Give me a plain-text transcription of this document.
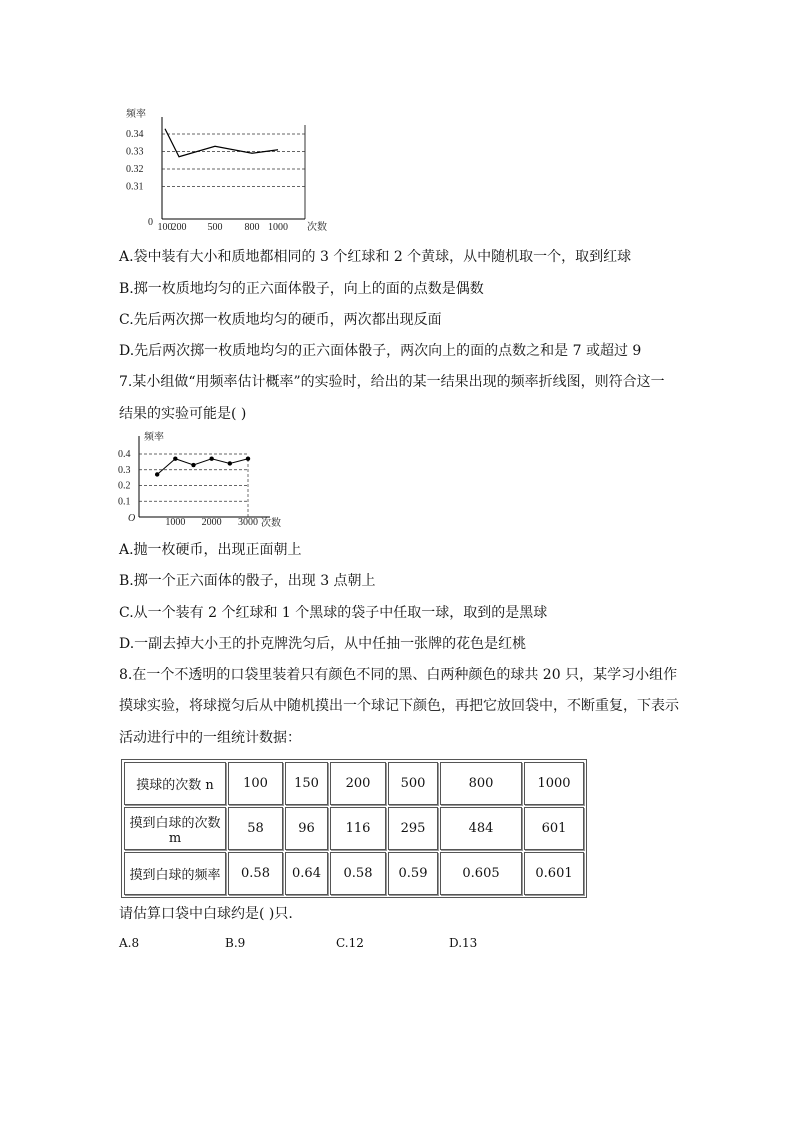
频率
次数
0
0.31
0.32
0.33
0.34
100 200 500 800 1000
A.袋中装有大小和质地都相同的 3 个红球和 2 个黄球，从中随机取一个，取到红球
B.掷一枚质地均匀的正六面体骰子，向上的面的点数是偶数
C.先后两次掷一枚质地均匀的硬币，两次都出现反面
D.先后两次掷一枚质地均匀的正六面体骰子，两次向上的面的点数之和是 7 或超过 9
7.某小组做“用频率估计概率”的实验时，给出的某一结果出现的频率折线图，则符合这一
结果的实验可能是( )
频率
次数
O
0.1
0.2
0.3
0.4
1000 2000 3000
A.抛一枚硬币，出现正面朝上
B.掷一个正六面体的骰子，出现 3 点朝上
C.从一个装有 2 个红球和 1 个黑球的袋子中任取一球，取到的是黑球
D.一副去掉大小王的扑克牌洗匀后，从中任抽一张牌的花色是红桃
8.在一个不透明的口袋里装着只有颜色不同的黑、白两种颜色的球共 20 只，某学习小组作
摸球实验，将球搅匀后从中随机摸出一个球记下颜色，再把它放回袋中，不断重复，下表示
活动进行中的一组统计数据：
摸球的次数 n	100	150	200	500	800	1000
摸到白球的次数 m	58	96	116	295	484	601
摸到白球的频率	0.58	0.64	0.58	0.59	0.605	0.601
请估算口袋中白球约是( )只.
A.8	B.9	C.12	D.13
